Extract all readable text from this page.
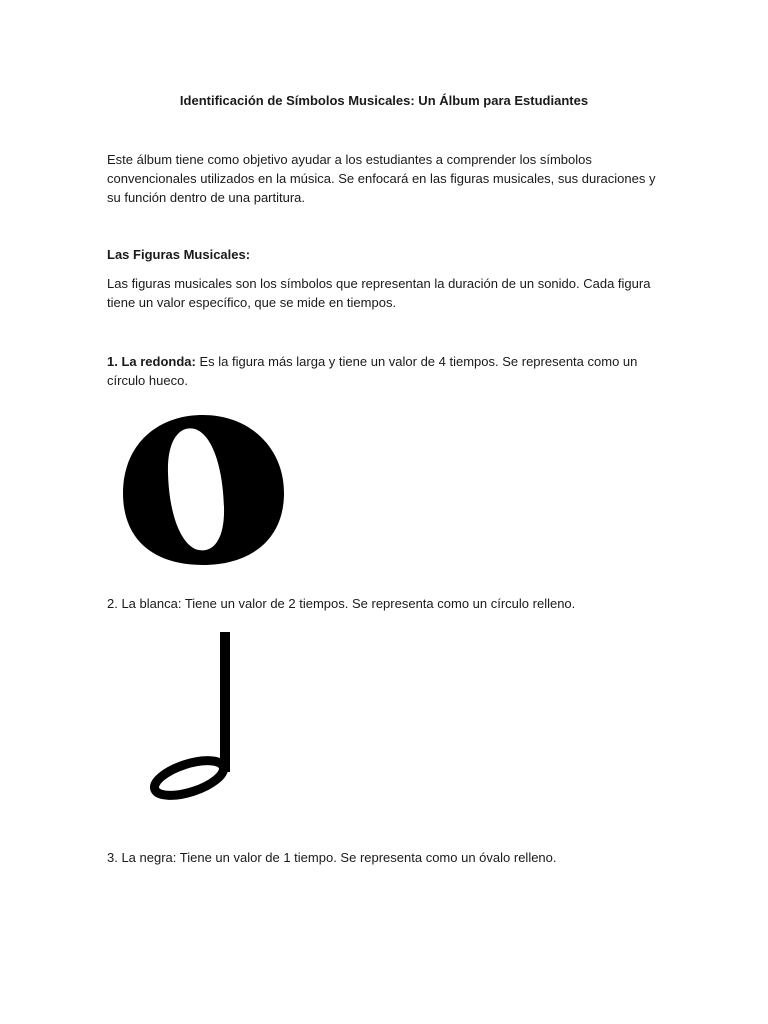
Identificación de Símbolos Musicales: Un Álbum para Estudiantes
Este álbum tiene como objetivo ayudar a los estudiantes a comprender los símbolos convencionales utilizados en la música. Se enfocará en las figuras musicales, sus duraciones y su función dentro de una partitura.
Las Figuras Musicales:
Las figuras musicales son los símbolos que representan la duración de un sonido. Cada figura tiene un valor específico, que se mide en tiempos.
1. La redonda: Es la figura más larga y tiene un valor de 4 tiempos. Se representa como un círculo hueco.
2. La blanca: Tiene un valor de 2 tiempos. Se representa como un círculo relleno.
3. La negra: Tiene un valor de 1 tiempo. Se representa como un óvalo relleno.
